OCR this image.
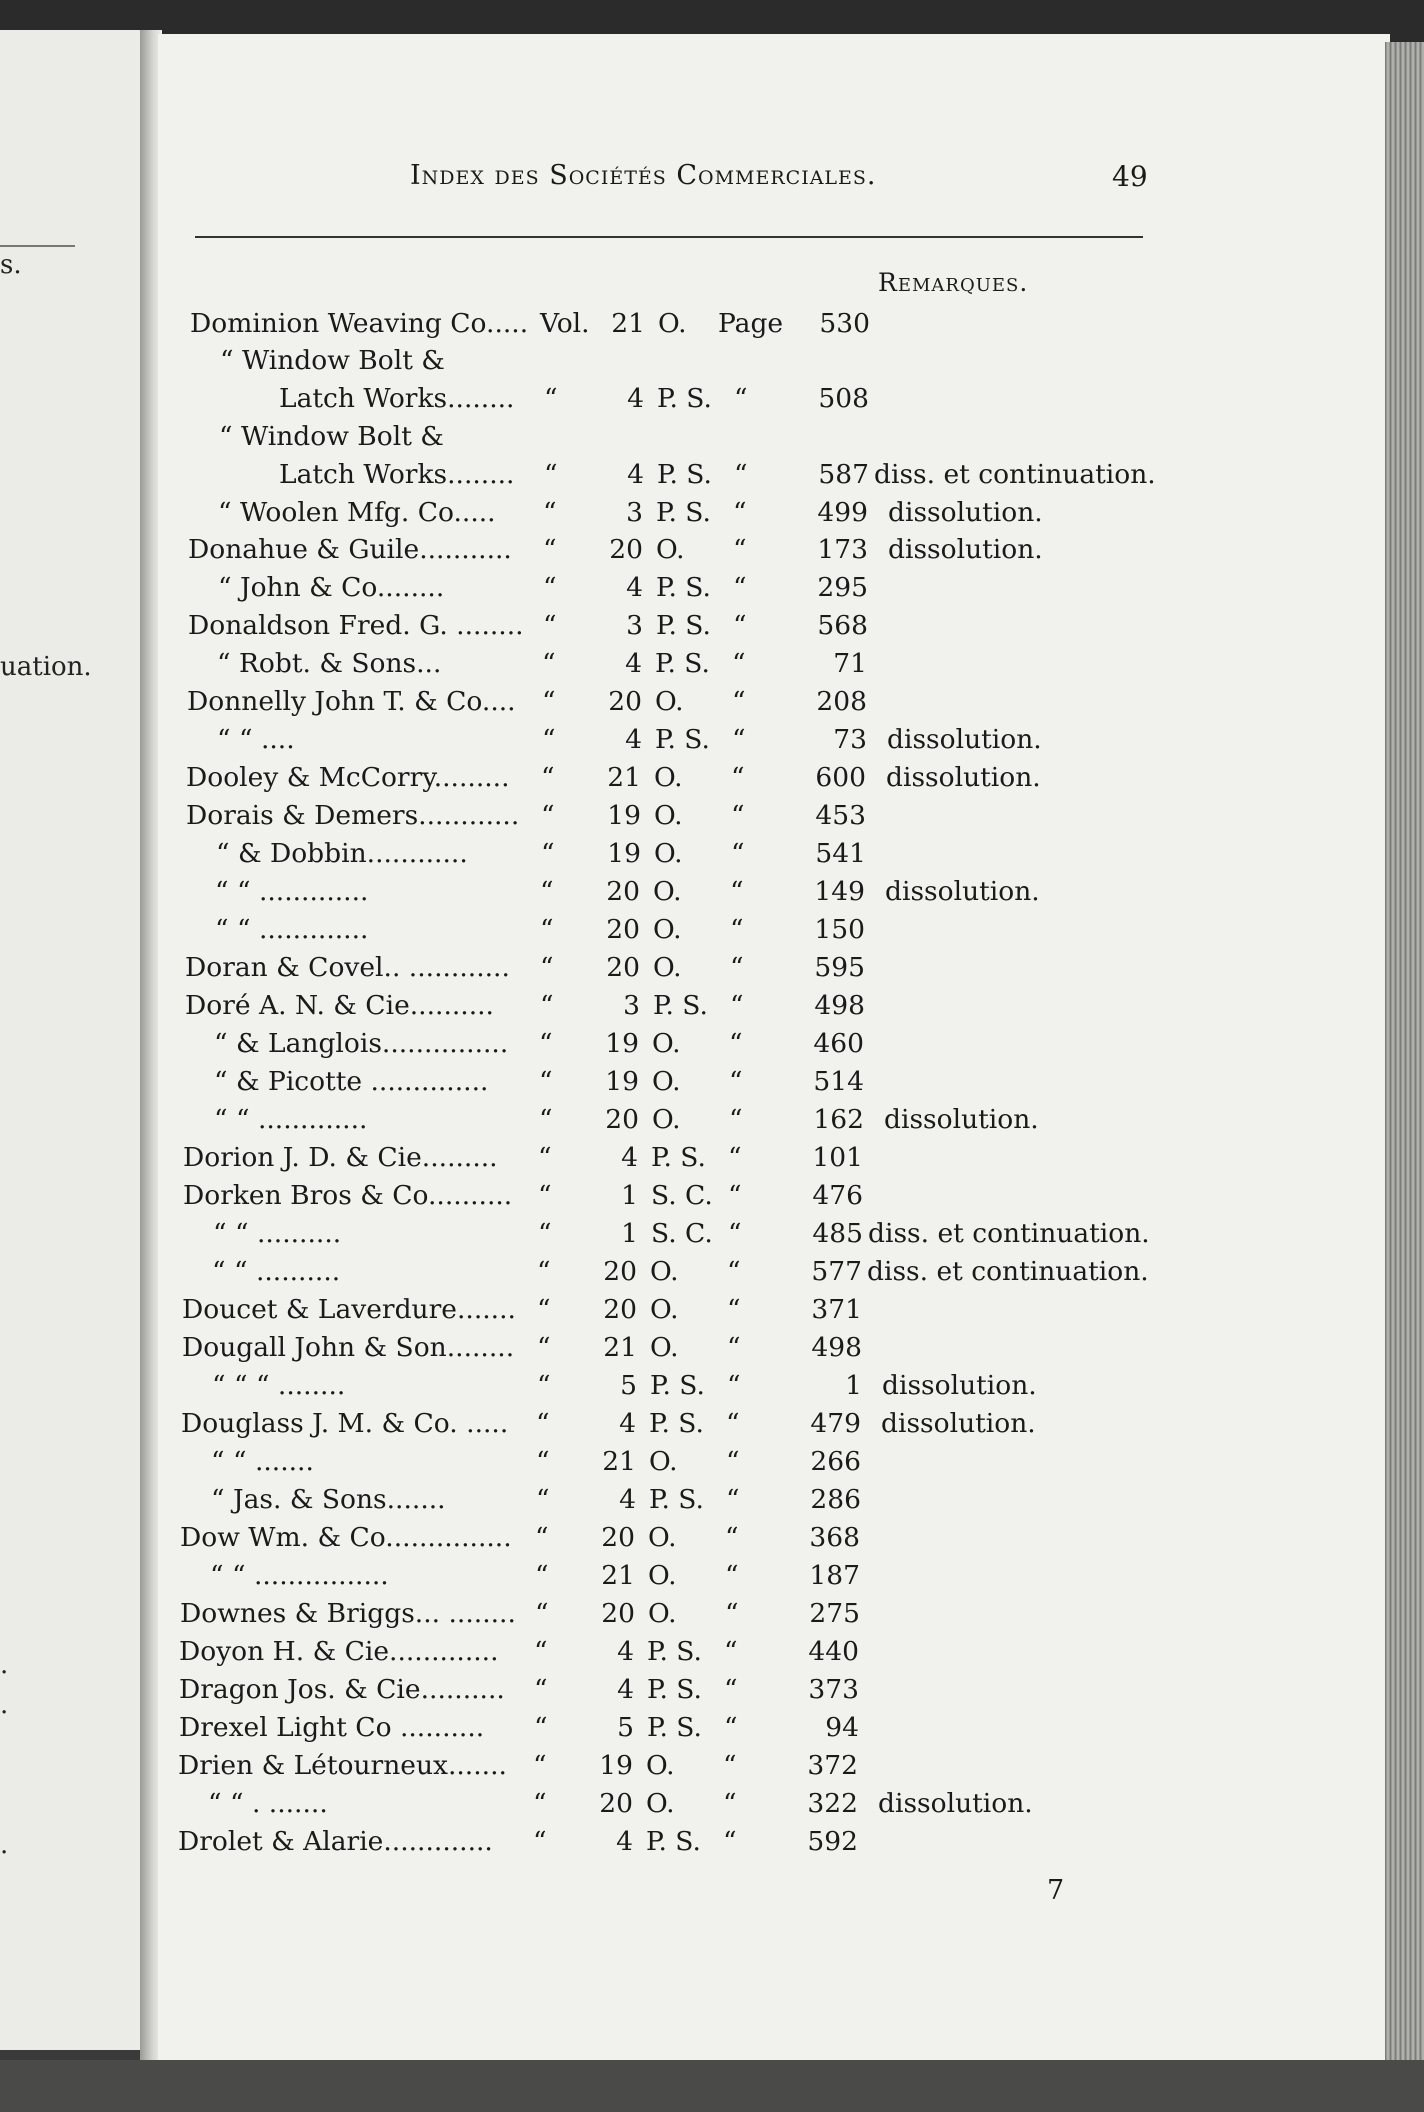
s.
uation.
.
.
.
Index des Sociétés Commerciales.	49
Remarques.
Dominion Weaving Co..... Vol. 21 O. Page	530
“ Window Bolt &
Latch Works........ “	4 P. S. “	508
“ Window Bolt &
Latch Works........ “	4 P. S. “	587 diss. et continuation.
“ Woolen Mfg. Co..... “	3 P. S. “	499 dissolution.
Donahue & Guile........... “	20 O. “	173 dissolution.
“ John & Co........	“	4 P. S. “	295
Donaldson Fred. G. ........ “	3 P. S. “	568
“ Robt. & Sons...	“	4 P. S. “	71
Donnelly John T. & Co.... “	20 O. “	208
“ “ ....	“	4 P. S. “	73 dissolution.
Dooley & McCorry......... “	21 O. “	600 dissolution.
Dorais & Demers............ “	19 O. “	453
“ & Dobbin............	“	19 O. “	541
“ “ .............	“	20 O. “	149 dissolution.
“ “ .............	“	20 O. “	150
Doran & Covel.. ............ “	20 O. “	595
Doré A. N. & Cie.......... “	3 P. S. “	498
“ & Langlois............... “	19 O. “	460
“ & Picotte .............. “	19 O. “	514
“ “ .............	“	20 O. “	162 dissolution.
Dorion J. D. & Cie......... “	4 P. S. “	101
Dorken Bros & Co.......... “	1 S. C. “	476
“ “ ..........	“	1 S. C. “	485 diss. et continuation.
“ “ ..........	“	20 O. “	577 diss. et continuation.
Doucet & Laverdure....... “	20 O. “	371
Dougall John & Son........ “	21 O. “	498
“ “ “ ........	“	5 P. S. “	1 dissolution.
Douglass J. M. & Co. ..... “	4 P. S. “	479 dissolution.
“ “ .......	“	21 O. “	266
“ Jas. & Sons.......	“	4 P. S. “	286
Dow Wm. & Co............... “	20 O. “	368
“ “ ................	“	21 O. “	187
Downes & Briggs... ........ “	20 O. “	275
Doyon H. & Cie............. “	4 P. S. “	440
Dragon Jos. & Cie.......... “	4 P. S. “	373
Drexel Light Co .......... “	5 P. S. “	94
Drien & Létourneux....... “	19 O. “	372
“ “ . .......	“	20 O. “	322 dissolution.
Drolet & Alarie............. “	4 P. S. “	592
7
